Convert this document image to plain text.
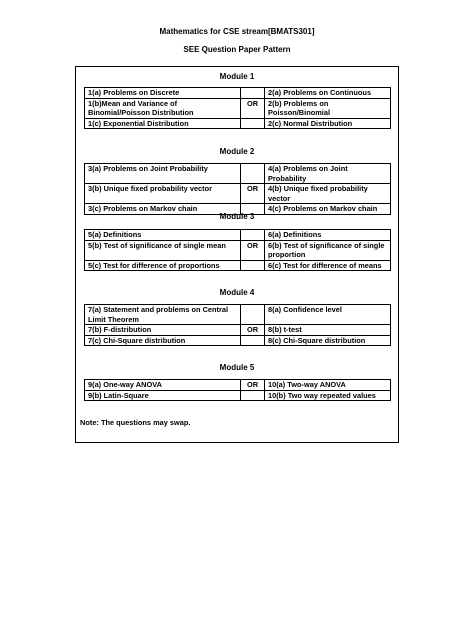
Mathematics for CSE stream[BMATS301]
SEE Question Paper Pattern
Module 1
1(a) Problems on Discrete		2(a) Problems on Continuous
1(b)Mean and Variance of Binomial/Poisson Distribution	OR	2(b) Problems on Poisson/Binomial
1(c) Exponential Distribution		2(c) Normal Distribution
Module 2
3(a) Problems on Joint Probability		4(a) Problems on Joint Probability
3(b) Unique fixed probability vector	OR	4(b) Unique fixed probability vector
3(c) Problems on Markov chain		4(c) Problems on Markov chain
Module 3
5(a) Definitions		6(a) Definitions
5(b) Test of significance of single mean	OR	6(b) Test of significance of single proportion
5(c) Test for difference of proportions		6(c) Test for difference of means
Module 4
7(a) Statement and problems on Central Limit Theorem		8(a) Confidence level
7(b) F-distribution	OR	8(b) t-test
7(c) Chi-Square distribution		8(c) Chi-Square distribution
Module 5
9(a) One-way ANOVA	OR	10(a) Two-way ANOVA
9(b) Latin-Square		10(b) Two way repeated values
Note: The questions may swap.
